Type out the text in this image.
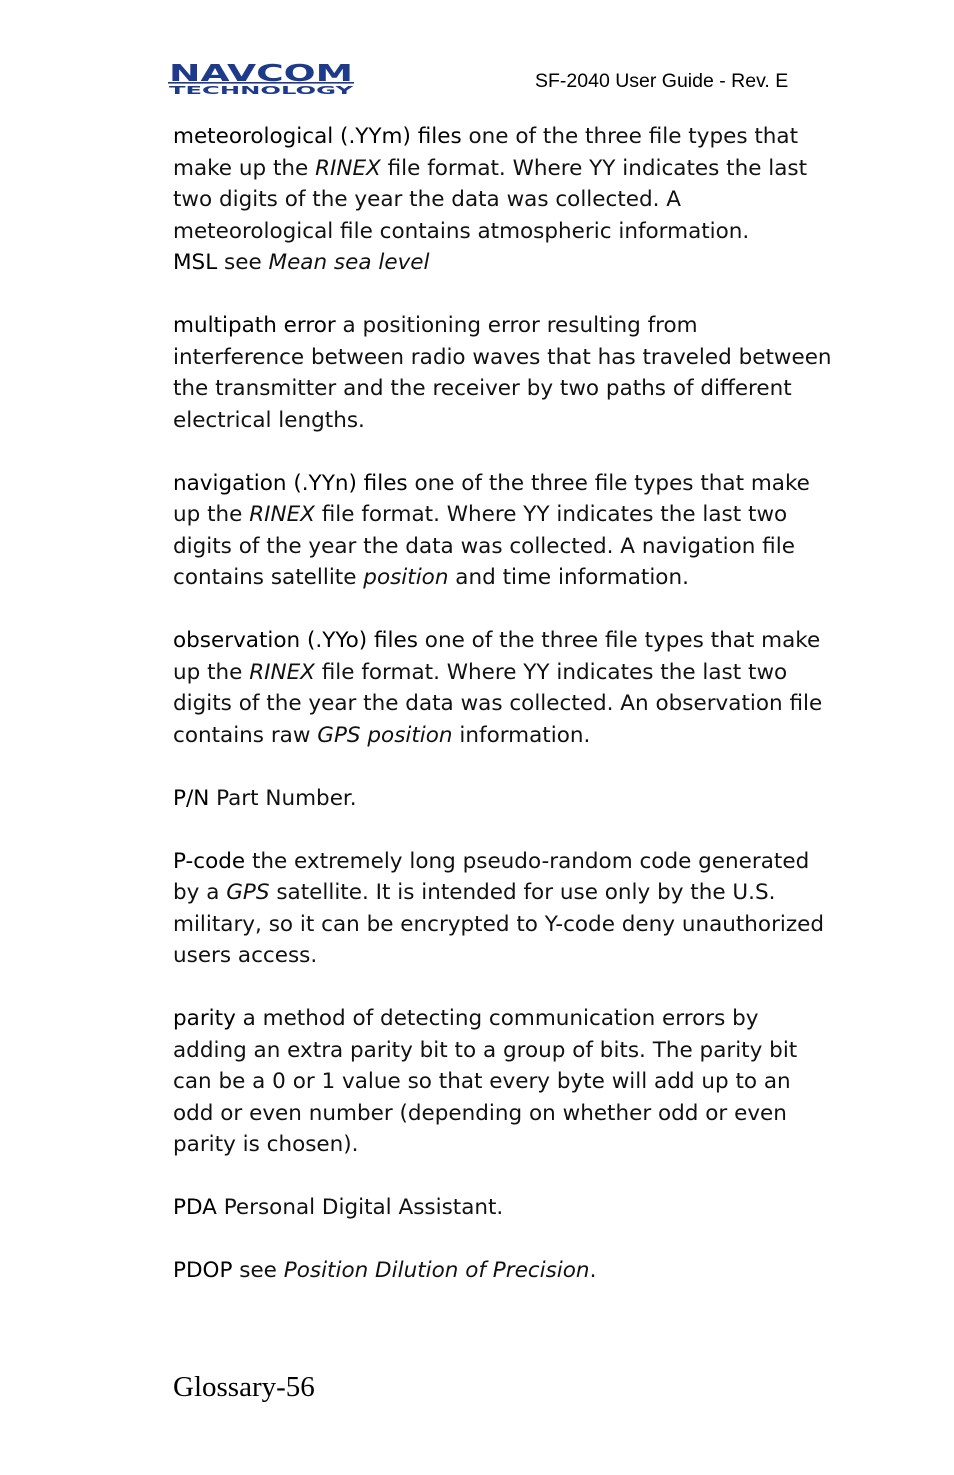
NAVCOM
TECHNOLOGY	SF-2040 User Guide - Rev. E

meteorological (.YYm) files one of the three file types that make up the RINEX file format. Where YY indicates the last two digits of the year the data was collected. A meteorological file contains atmospheric information.

MSL see Mean sea level

multipath error a positioning error resulting from interference between radio waves that has traveled between the transmitter and the receiver by two paths of different electrical lengths.

navigation (.YYn) files one of the three file types that make up the RINEX file format. Where YY indicates the last two digits of the year the data was collected. A navigation file contains satellite position and time information.

observation (.YYo) files one of the three file types that make up the RINEX file format. Where YY indicates the last two digits of the year the data was collected. An observation file contains raw GPS position information.

P/N Part Number.

P-code the extremely long pseudo-random code generated by a GPS satellite. It is intended for use only by the U.S. military, so it can be encrypted to Y-code deny unauthorized users access.

parity a method of detecting communication errors by adding an extra parity bit to a group of bits. The parity bit can be a 0 or 1 value so that every byte will add up to an odd or even number (depending on whether odd or even parity is chosen).

PDA Personal Digital Assistant.

PDOP see Position Dilution of Precision.

Glossary-56
